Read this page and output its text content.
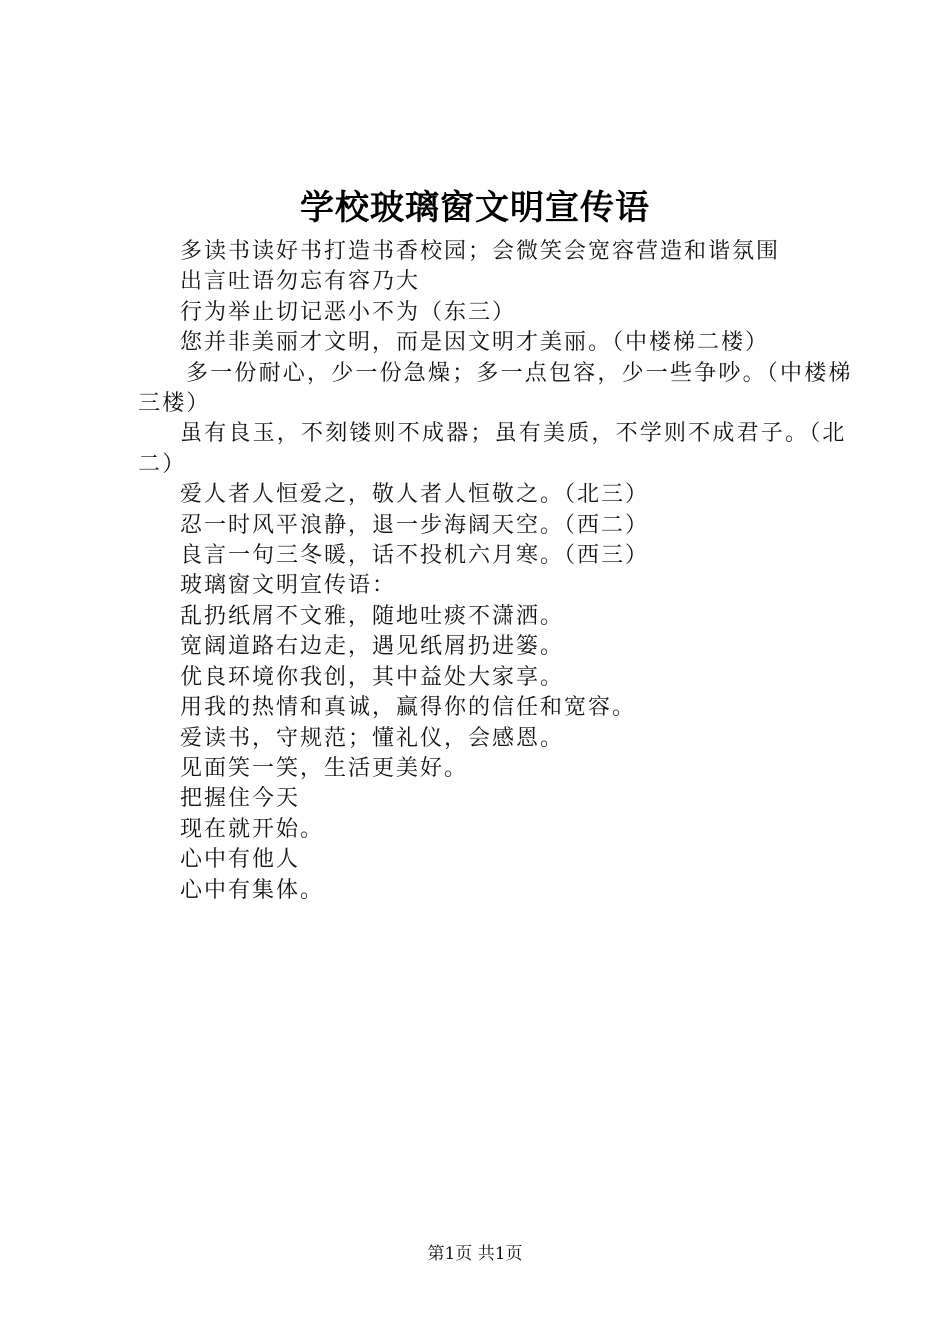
学校玻璃窗文明宣传语
多读书读好书打造书香校园；会微笑会宽容营造和谐氛围
出言吐语勿忘有容乃大
行为举止切记恶小不为（东三）
您并非美丽才文明，而是因文明才美丽。（中楼梯二楼）
多一份耐心，少一份急燥；多一点包容，少一些争吵。（中楼梯三楼）
虽有良玉，不刻镂则不成器；虽有美质，不学则不成君子。（北二）
爱人者人恒爱之，敬人者人恒敬之。（北三）
忍一时风平浪静，退一步海阔天空。（西二）
良言一句三冬暖，话不投机六月寒。（西三）
玻璃窗文明宣传语：
乱扔纸屑不文雅，随地吐痰不潇洒。
宽阔道路右边走，遇见纸屑扔进篓。
优良环境你我创，其中益处大家享。
用我的热情和真诚，赢得你的信任和宽容。
爱读书，守规范；懂礼仪，会感恩。
见面笑一笑，生活更美好。
把握住今天
现在就开始。
心中有他人
心中有集体。
第1页 共1页
